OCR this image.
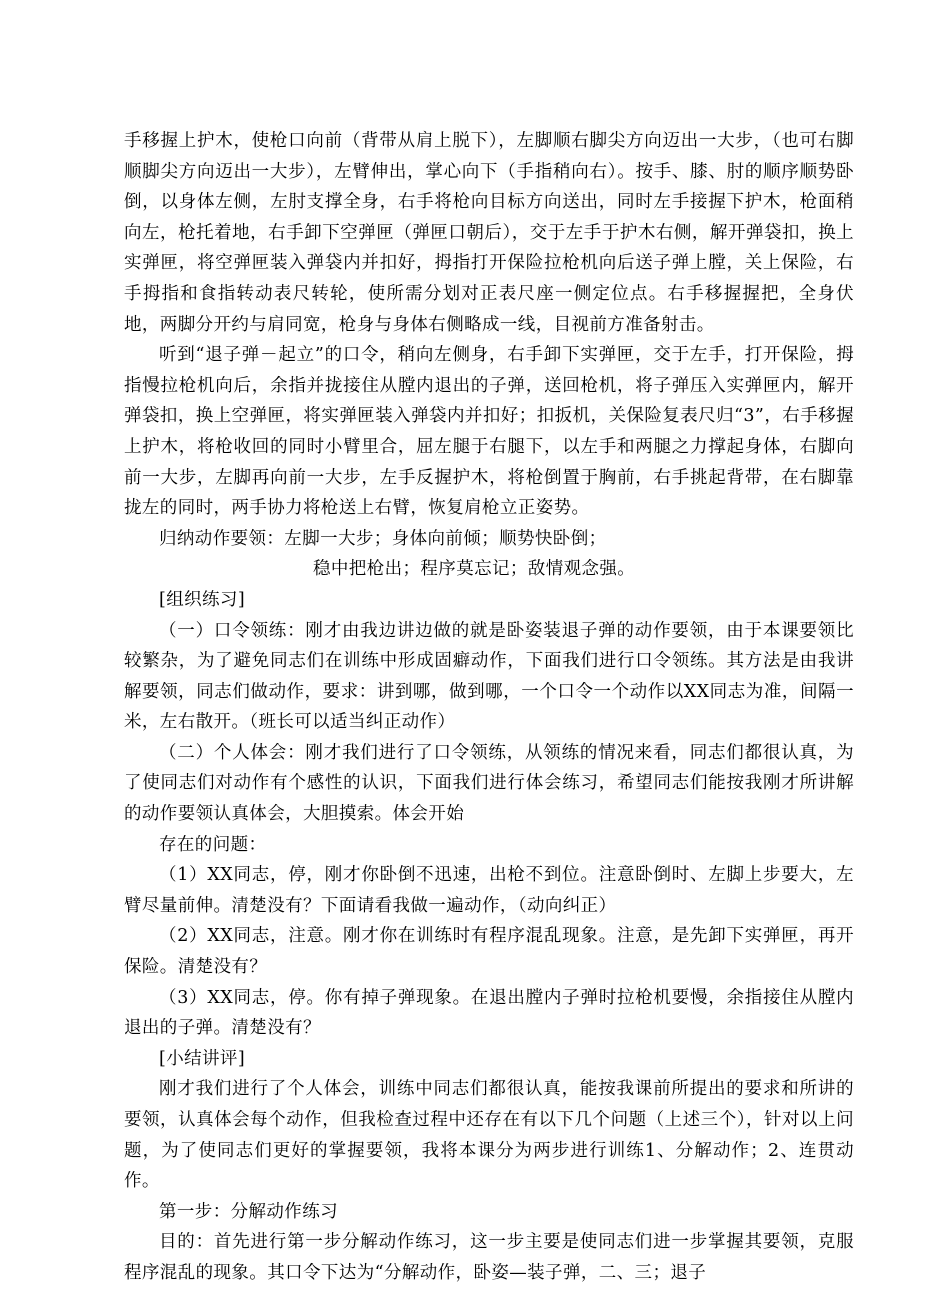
手移握上护木，使枪口向前（背带从肩上脱下），左脚顺右脚尖方向迈出一大步，（也可右脚顺脚尖方向迈出一大步），左臂伸出，掌心向下（手指稍向右）。按手、膝、肘的顺序顺势卧倒，以身体左侧，左肘支撑全身，右手将枪向目标方向送出，同时左手接握下护木，枪面稍向左，枪托着地，右手卸下空弹匣（弹匣口朝后），交于左手于护木右侧，解开弹袋扣，换上实弹匣，将空弹匣装入弹袋内并扣好，拇指打开保险拉枪机向后送子弹上膛，关上保险，右手拇指和食指转动表尺转轮，使所需分划对正表尺座一侧定位点。右手移握握把，全身伏地，两脚分开约与肩同宽，枪身与身体右侧略成一线，目视前方准备射击。

听到“退子弹－起立”的口令，稍向左侧身，右手卸下实弹匣，交于左手，打开保险，拇指慢拉枪机向后，余指并拢接住从膛内退出的子弹，送回枪机，将子弹压入实弹匣内，解开弹袋扣，换上空弹匣，将实弹匣装入弹袋内并扣好；扣扳机，关保险复表尺归“3”，右手移握上护木，将枪收回的同时小臂里合，屈左腿于右腿下，以左手和两腿之力撑起身体，右脚向前一大步，左脚再向前一大步，左手反握护木，将枪倒置于胸前，右手挑起背带，在右脚靠拢左的同时，两手协力将枪送上右臂，恢复肩枪立正姿势。

归纳动作要领：左脚一大步；身体向前倾；顺势快卧倒；

稳中把枪出；程序莫忘记；敌情观念强。

[组织练习]

（一）口令领练：刚才由我边讲边做的就是卧姿装退子弹的动作要领，由于本课要领比较繁杂，为了避免同志们在训练中形成固癖动作，下面我们进行口令领练。其方法是由我讲解要领，同志们做动作，要求：讲到哪，做到哪，一个口令一个动作以XX同志为准，间隔一米，左右散开。（班长可以适当纠正动作）

（二）个人体会：刚才我们进行了口令领练，从领练的情况来看，同志们都很认真，为了使同志们对动作有个感性的认识，下面我们进行体会练习，希望同志们能按我刚才所讲解的动作要领认真体会，大胆摸索。体会开始

存在的问题：

（1）XX同志，停，刚才你卧倒不迅速，出枪不到位。注意卧倒时、左脚上步要大，左臂尽量前伸。清楚没有？下面请看我做一遍动作，（动向纠正）

（2）XX同志，注意。刚才你在训练时有程序混乱现象。注意，是先卸下实弹匣，再开保险。清楚没有？

（3）XX同志，停。你有掉子弹现象。在退出膛内子弹时拉枪机要慢，余指接住从膛内退出的子弹。清楚没有？

[小结讲评]

刚才我们进行了个人体会，训练中同志们都很认真，能按我课前所提出的要求和所讲的要领，认真体会每个动作，但我检查过程中还存在有以下几个问题（上述三个），针对以上问题，为了使同志们更好的掌握要领，我将本课分为两步进行训练1、分解动作；2、连贯动作。

第一步：分解动作练习

目的：首先进行第一步分解动作练习，这一步主要是使同志们进一步掌握其要领，克服程序混乱的现象。其口令下达为“分解动作，卧姿—装子弹，二、三；退子
